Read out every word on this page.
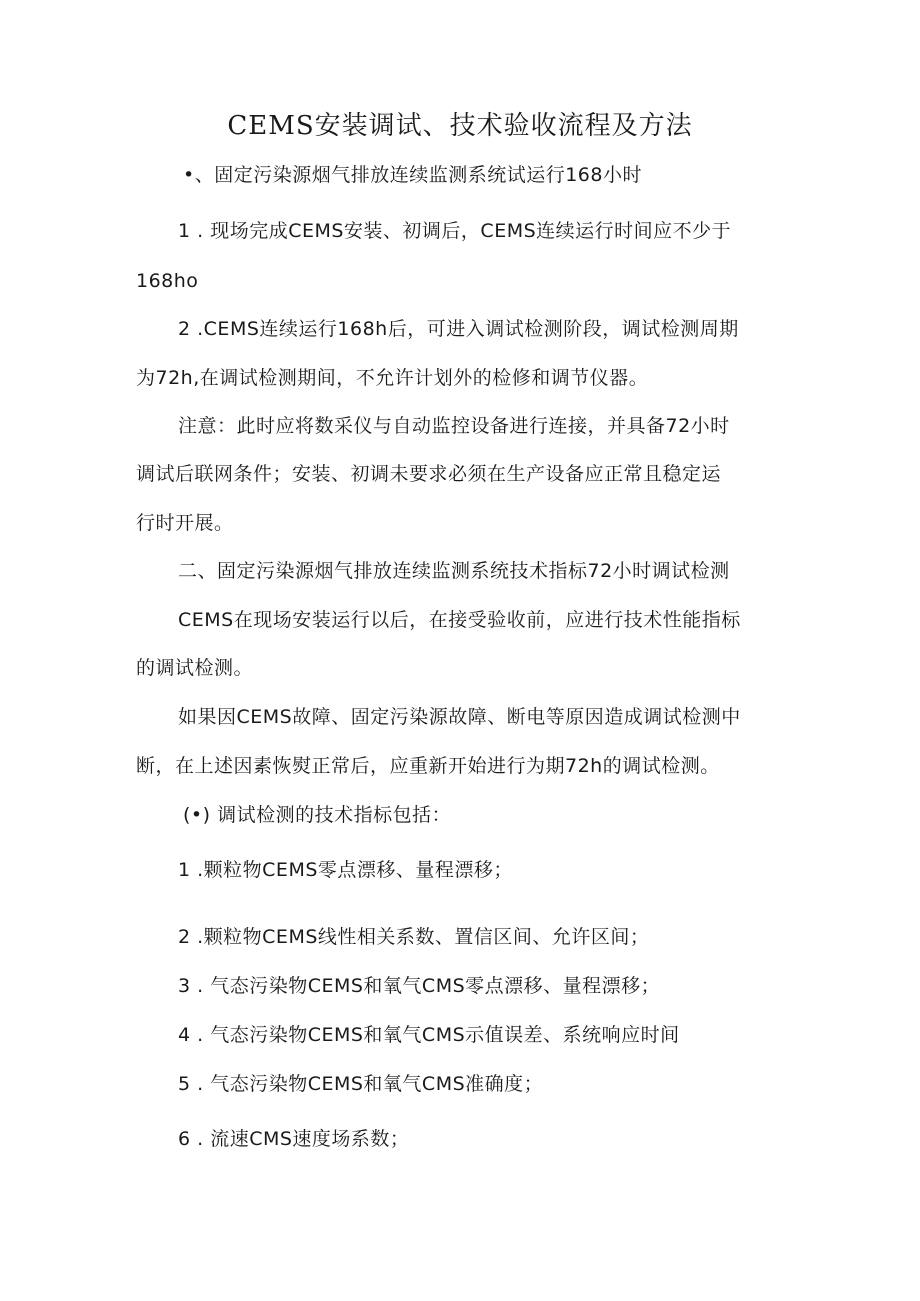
CEMS安装调试、技术验收流程及方法
•、固定污染源烟气排放连续监测系统试运行168小时
1 . 现场完成CEMS安装、初调后，CEMS连续运行时间应不少于
168ho
2 .CEMS连续运行168h后，可进入调试检测阶段，调试检测周期
为72h,在调试检测期间，不允许计划外的检修和调节仪器。
注意：此时应将数采仪与自动监控设备进行连接，并具备72小时
调试后联网条件；安装、初调未要求必须在生产设备应正常且稳定运
行时开展。
二、固定污染源烟气排放连续监测系统技术指标72小时调试检测
CEMS在现场安装运行以后，在接受验收前，应进行技术性能指标
的调试检测。
如果因CEMS故障、固定污染源故障、断电等原因造成调试检测中
断，在上述因素恢熨正常后，应重新开始进行为期72h的调试检测。
(•) 调试检测的技术指标包括：
1 .颗粒物CEMS零点漂移、量程漂移；
2 .颗粒物CEMS线性相关系数、置信区间、允许区间；
3 . 气态污染物CEMS和氧气CMS零点漂移、量程漂移；
4 . 气态污染物CEMS和氧气CMS示值误差、系统响应时间
5 . 气态污染物CEMS和氧气CMS准确度；
6 . 流速CMS速度场系数；
